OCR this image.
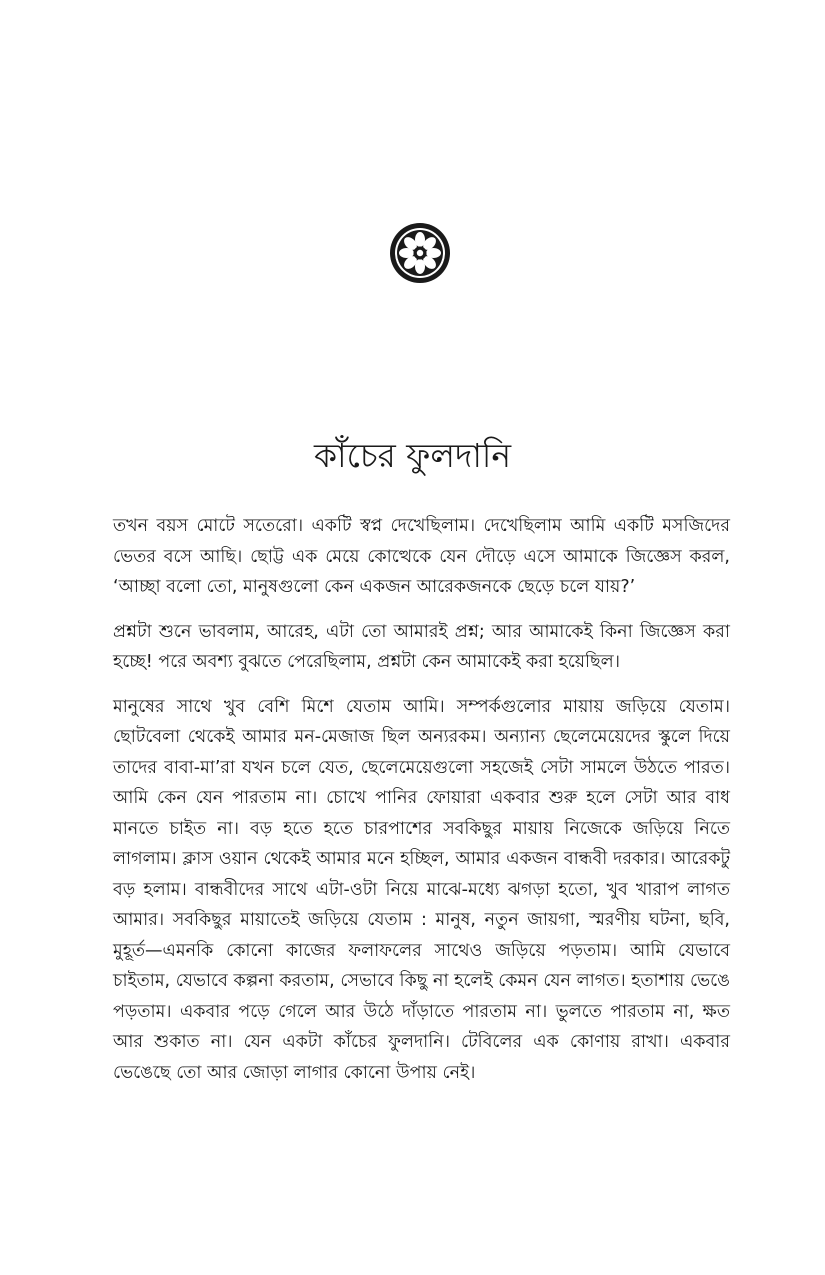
কাঁচের ফুলদানি

তখন বয়স মোটে সতেরো। একটি স্বপ্ন দেখেছিলাম। দেখেছিলাম আমি একটি মসজিদের ভেতর বসে আছি। ছোট্ট এক মেয়ে কোত্থেকে যেন দৌড়ে এসে আমাকে জিজ্ঞেস করল, ‘আচ্ছা বলো তো, মানুষগুলো কেন একজন আরেকজনকে ছেড়ে চলে যায়?’

প্রশ্নটা শুনে ভাবলাম, আরেহ, এটা তো আমারই প্রশ্ন; আর আমাকেই কিনা জিজ্ঞেস করা হচ্ছে! পরে অবশ্য বুঝতে পেরেছিলাম, প্রশ্নটা কেন আমাকেই করা হয়েছিল।

মানুষের সাথে খুব বেশি মিশে যেতাম আমি। সম্পর্কগুলোর মায়ায় জড়িয়ে যেতাম। ছোটবেলা থেকেই আমার মন-মেজাজ ছিল অন্যরকম। অন্যান্য ছেলেমেয়েদের স্কুলে দিয়ে তাদের বাবা-মা’রা যখন চলে যেত, ছেলেমেয়েগুলো সহজেই সেটা সামলে উঠতে পারত। আমি কেন যেন পারতাম না। চোখে পানির ফোয়ারা একবার শুরু হলে সেটা আর বাধ মানতে চাইত না। বড় হতে হতে চারপাশের সবকিছুর মায়ায় নিজেকে জড়িয়ে নিতে লাগলাম। ক্লাস ওয়ান থেকেই আমার মনে হচ্ছিল, আমার একজন বান্ধবী দরকার। আরেকটু বড় হলাম। বান্ধবীদের সাথে এটা-ওটা নিয়ে মাঝে-মধ্যে ঝগড়া হতো, খুব খারাপ লাগত আমার। সবকিছুর মায়াতেই জড়িয়ে যেতাম : মানুষ, নতুন জায়গা, স্মরণীয় ঘটনা, ছবি, মুহূর্ত—এমনকি কোনো কাজের ফলাফলের সাথেও জড়িয়ে পড়তাম। আমি যেভাবে চাইতাম, যেভাবে কল্পনা করতাম, সেভাবে কিছু না হলেই কেমন যেন লাগত। হতাশায় ভেঙে পড়তাম। একবার পড়ে গেলে আর উঠে দাঁড়াতে পারতাম না। ভুলতে পারতাম না, ক্ষত আর শুকাত না। যেন একটা কাঁচের ফুলদানি। টেবিলের এক কোণায় রাখা। একবার ভেঙেছে তো আর জোড়া লাগার কোনো উপায় নেই।
